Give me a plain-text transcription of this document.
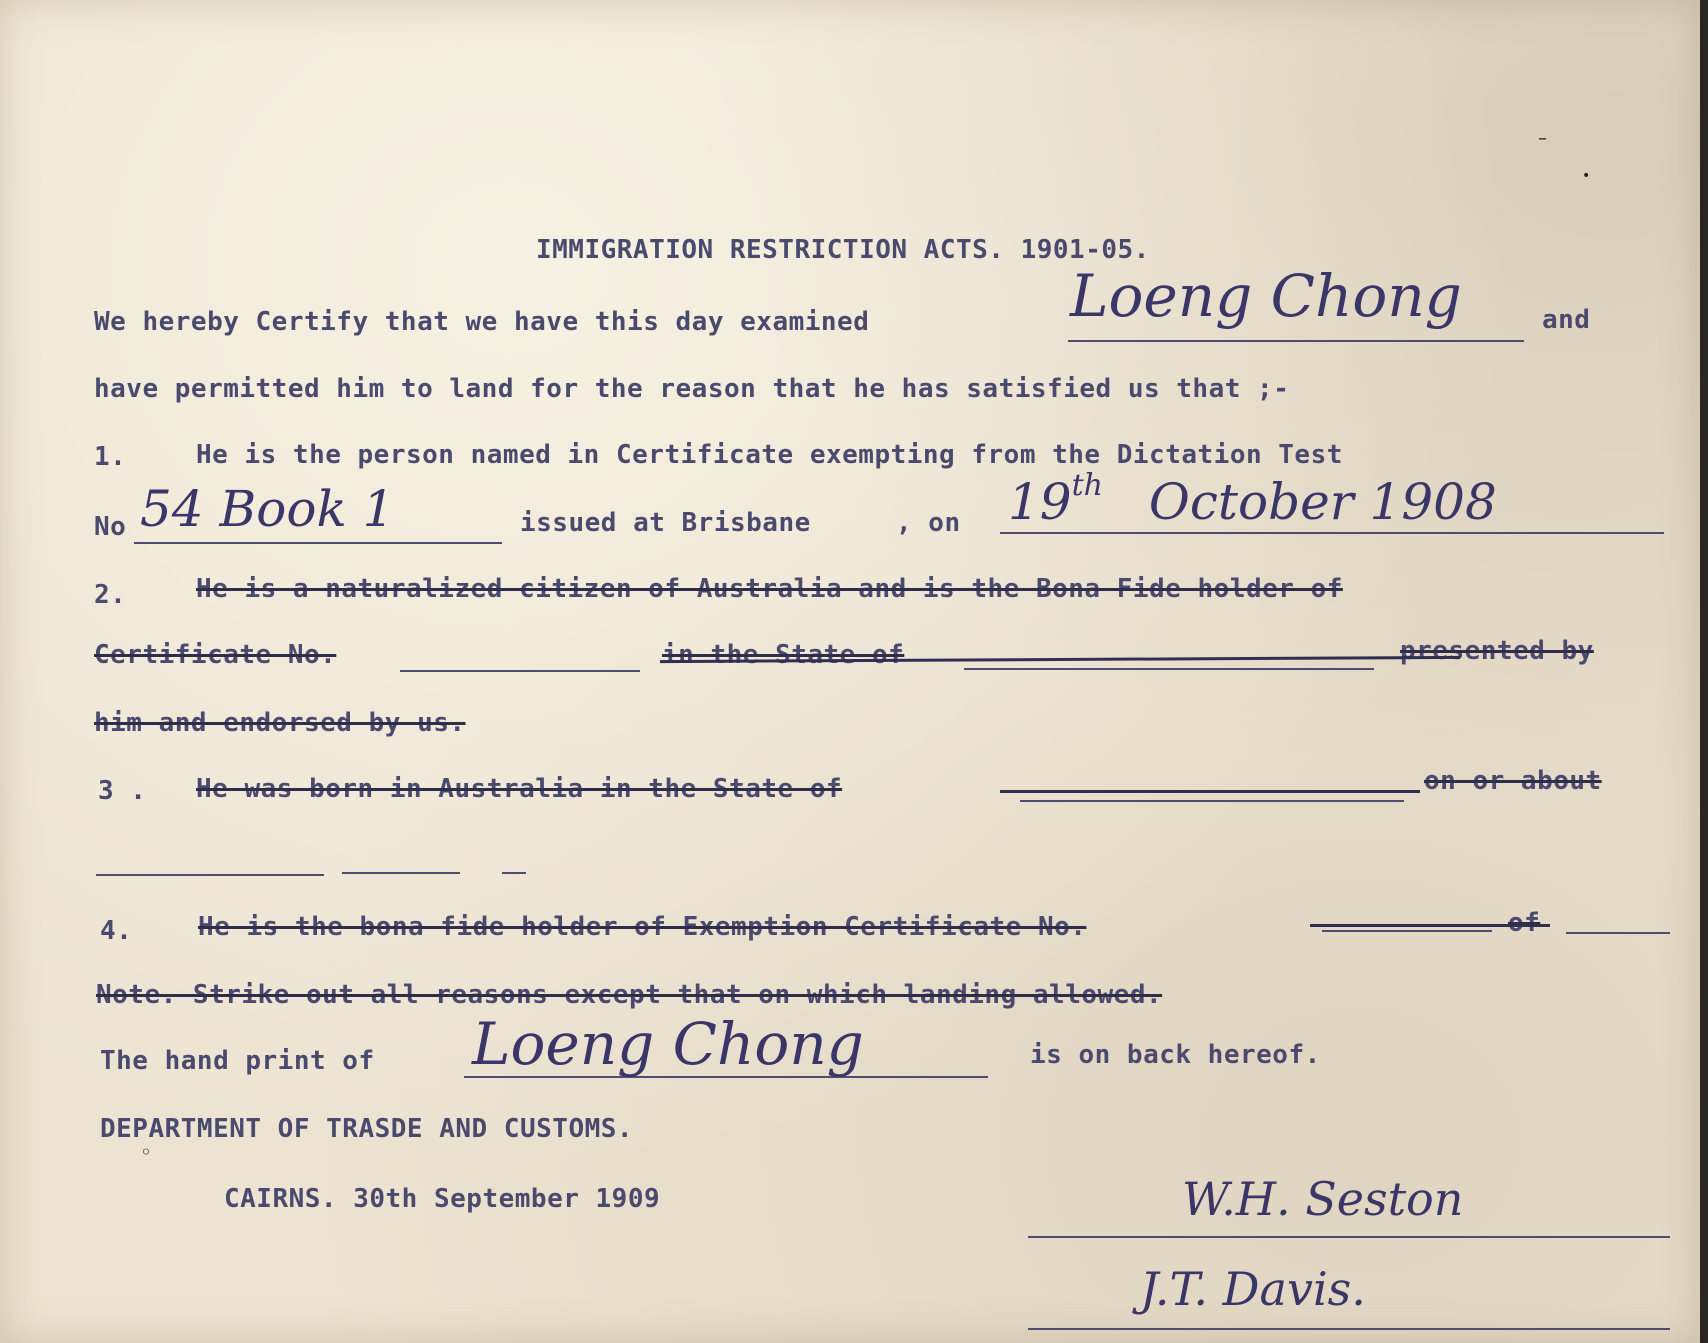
IMMIGRATION RESTRICTION ACTS. 1901-05.
We hereby Certify that we have this day examined	Loeng Chong	and
have permitted him to land for the reason that he has satisfied us that ;-
1.	He is the person named in Certificate exempting from the Dictation Test
No 54 Book 1	issued at Brisbane	, on 19th October 1908
2.	He is a naturalized citizen of Australia and is the Bona Fide holder of
Certificate No.	in the State of	presented by
him and endorsed by us.
3 . He was born in Australia in the State of	on or about
4.	He is the bona fide holder of Exemption Certificate No.	of
Note. Strike out all reasons except that on which landing allowed.
The hand print of Loeng Chong	is on back hereof.
DEPARTMENT OF TRASDE AND CUSTOMS.
CAIRNS. 30th September 1909	W.H. Seston
J.T. Davis.
–
•
◦
